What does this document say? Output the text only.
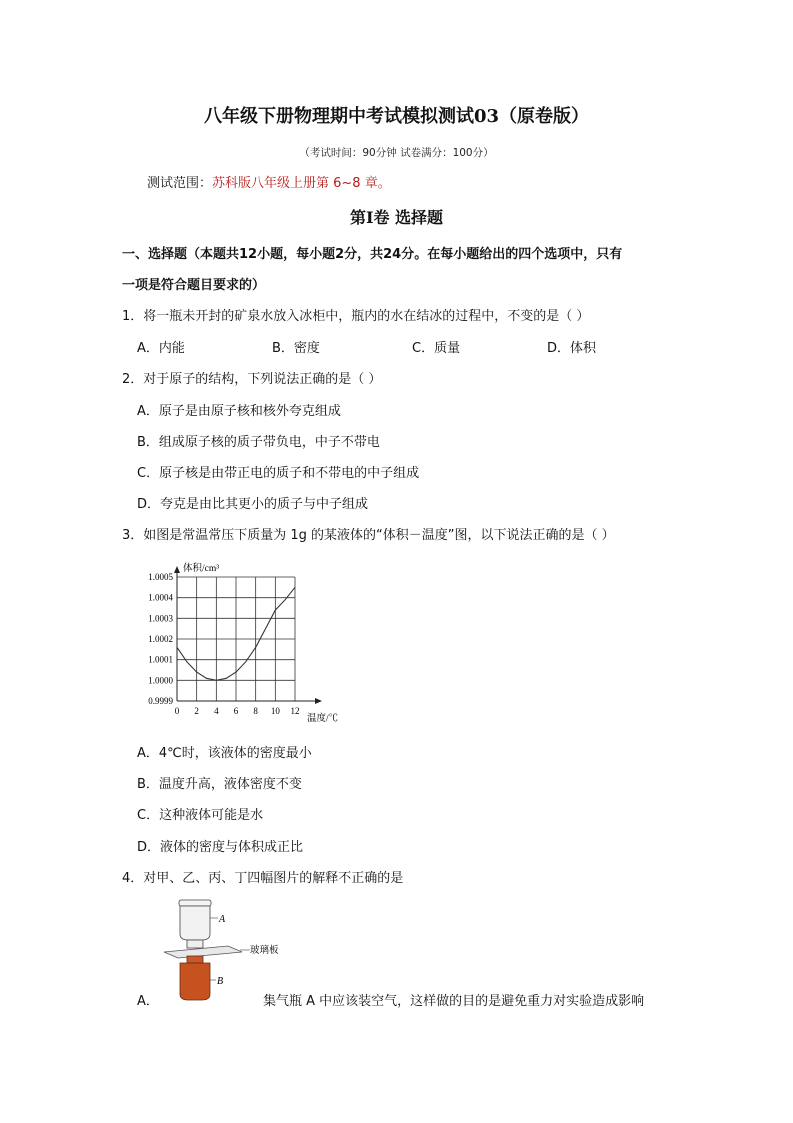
八年级下册物理期中考试模拟测试03（原卷版）
（考试时间：90分钟 试卷满分：100分）
测试范围：苏科版八年级上册第 6~8 章。
第Ⅰ卷 选择题
一、选择题（本题共12小题，每小题2分，共24分。在每小题给出的四个选项中，只有
一项是符合题目要求的）
1．将一瓶未开封的矿泉水放入冰柜中，瓶内的水在结冰的过程中，不变的是（ ）
A．内能	B．密度	C．质量	D．体积
2．对于原子的结构，下列说法正确的是（ ）
A．原子是由原子核和核外夸克组成
B．组成原子核的质子带负电，中子不带电
C．原子核是由带正电的质子和不带电的中子组成
D．夸克是由比其更小的质子与中子组成
3．如图是常温常压下质量为 1g 的某液体的“体积－温度”图，以下说法正确的是（ ）
体积/cm³
温度/℃
0.9999
1.0000
1.0001
1.0002
1.0003
1.0004
1.0005
0 2 4 6 8 10 12
A．4℃时，该液体的密度最小
B．温度升高，液体密度不变
C．这种液体可能是水
D．液体的密度与体积成正比
4．对甲、乙、丙、丁四幅图片的解释不正确的是
A
玻璃板
B
A．	集气瓶 A 中应该装空气，这样做的目的是避免重力对实验造成影响
